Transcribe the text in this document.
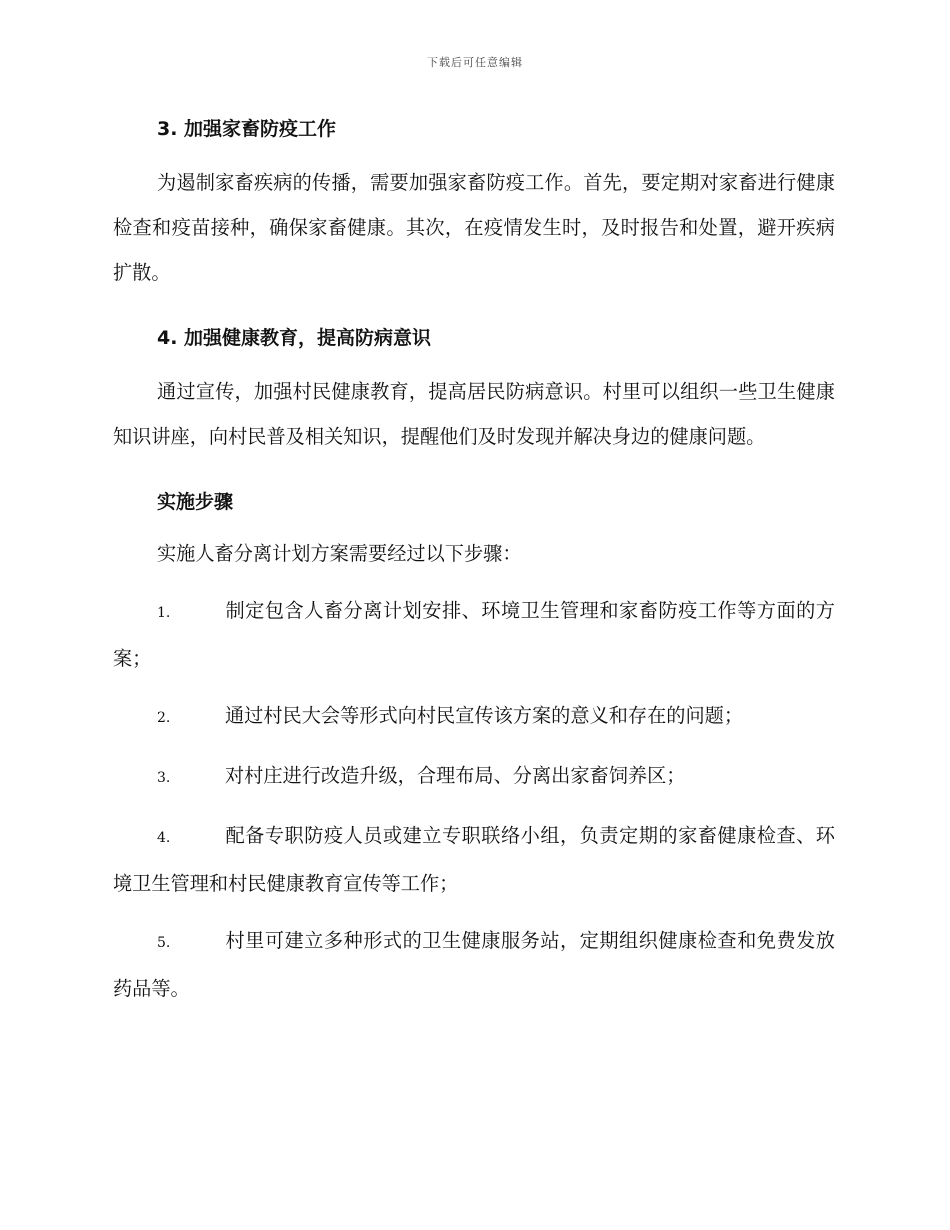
下载后可任意编辑
3. 加强家畜防疫工作

为遏制家畜疾病的传播，需要加强家畜防疫工作。首先，要定期对家畜进行健康检查和疫苗接种，确保家畜健康。其次，在疫情发生时，及时报告和处置，避开疾病扩散。

4. 加强健康教育，提高防病意识

通过宣传，加强村民健康教育，提高居民防病意识。村里可以组织一些卫生健康知识讲座，向村民普及相关知识，提醒他们及时发现并解决身边的健康问题。

实施步骤

实施人畜分离计划方案需要经过以下步骤：

1.	制定包含人畜分离计划安排、环境卫生管理和家畜防疫工作等方面的方案；

2.	通过村民大会等形式向村民宣传该方案的意义和存在的问题；

3.	对村庄进行改造升级，合理布局、分离出家畜饲养区；

4.	配备专职防疫人员或建立专职联络小组，负责定期的家畜健康检查、环境卫生管理和村民健康教育宣传等工作；

5.	村里可建立多种形式的卫生健康服务站，定期组织健康检查和免费发放药品等。
